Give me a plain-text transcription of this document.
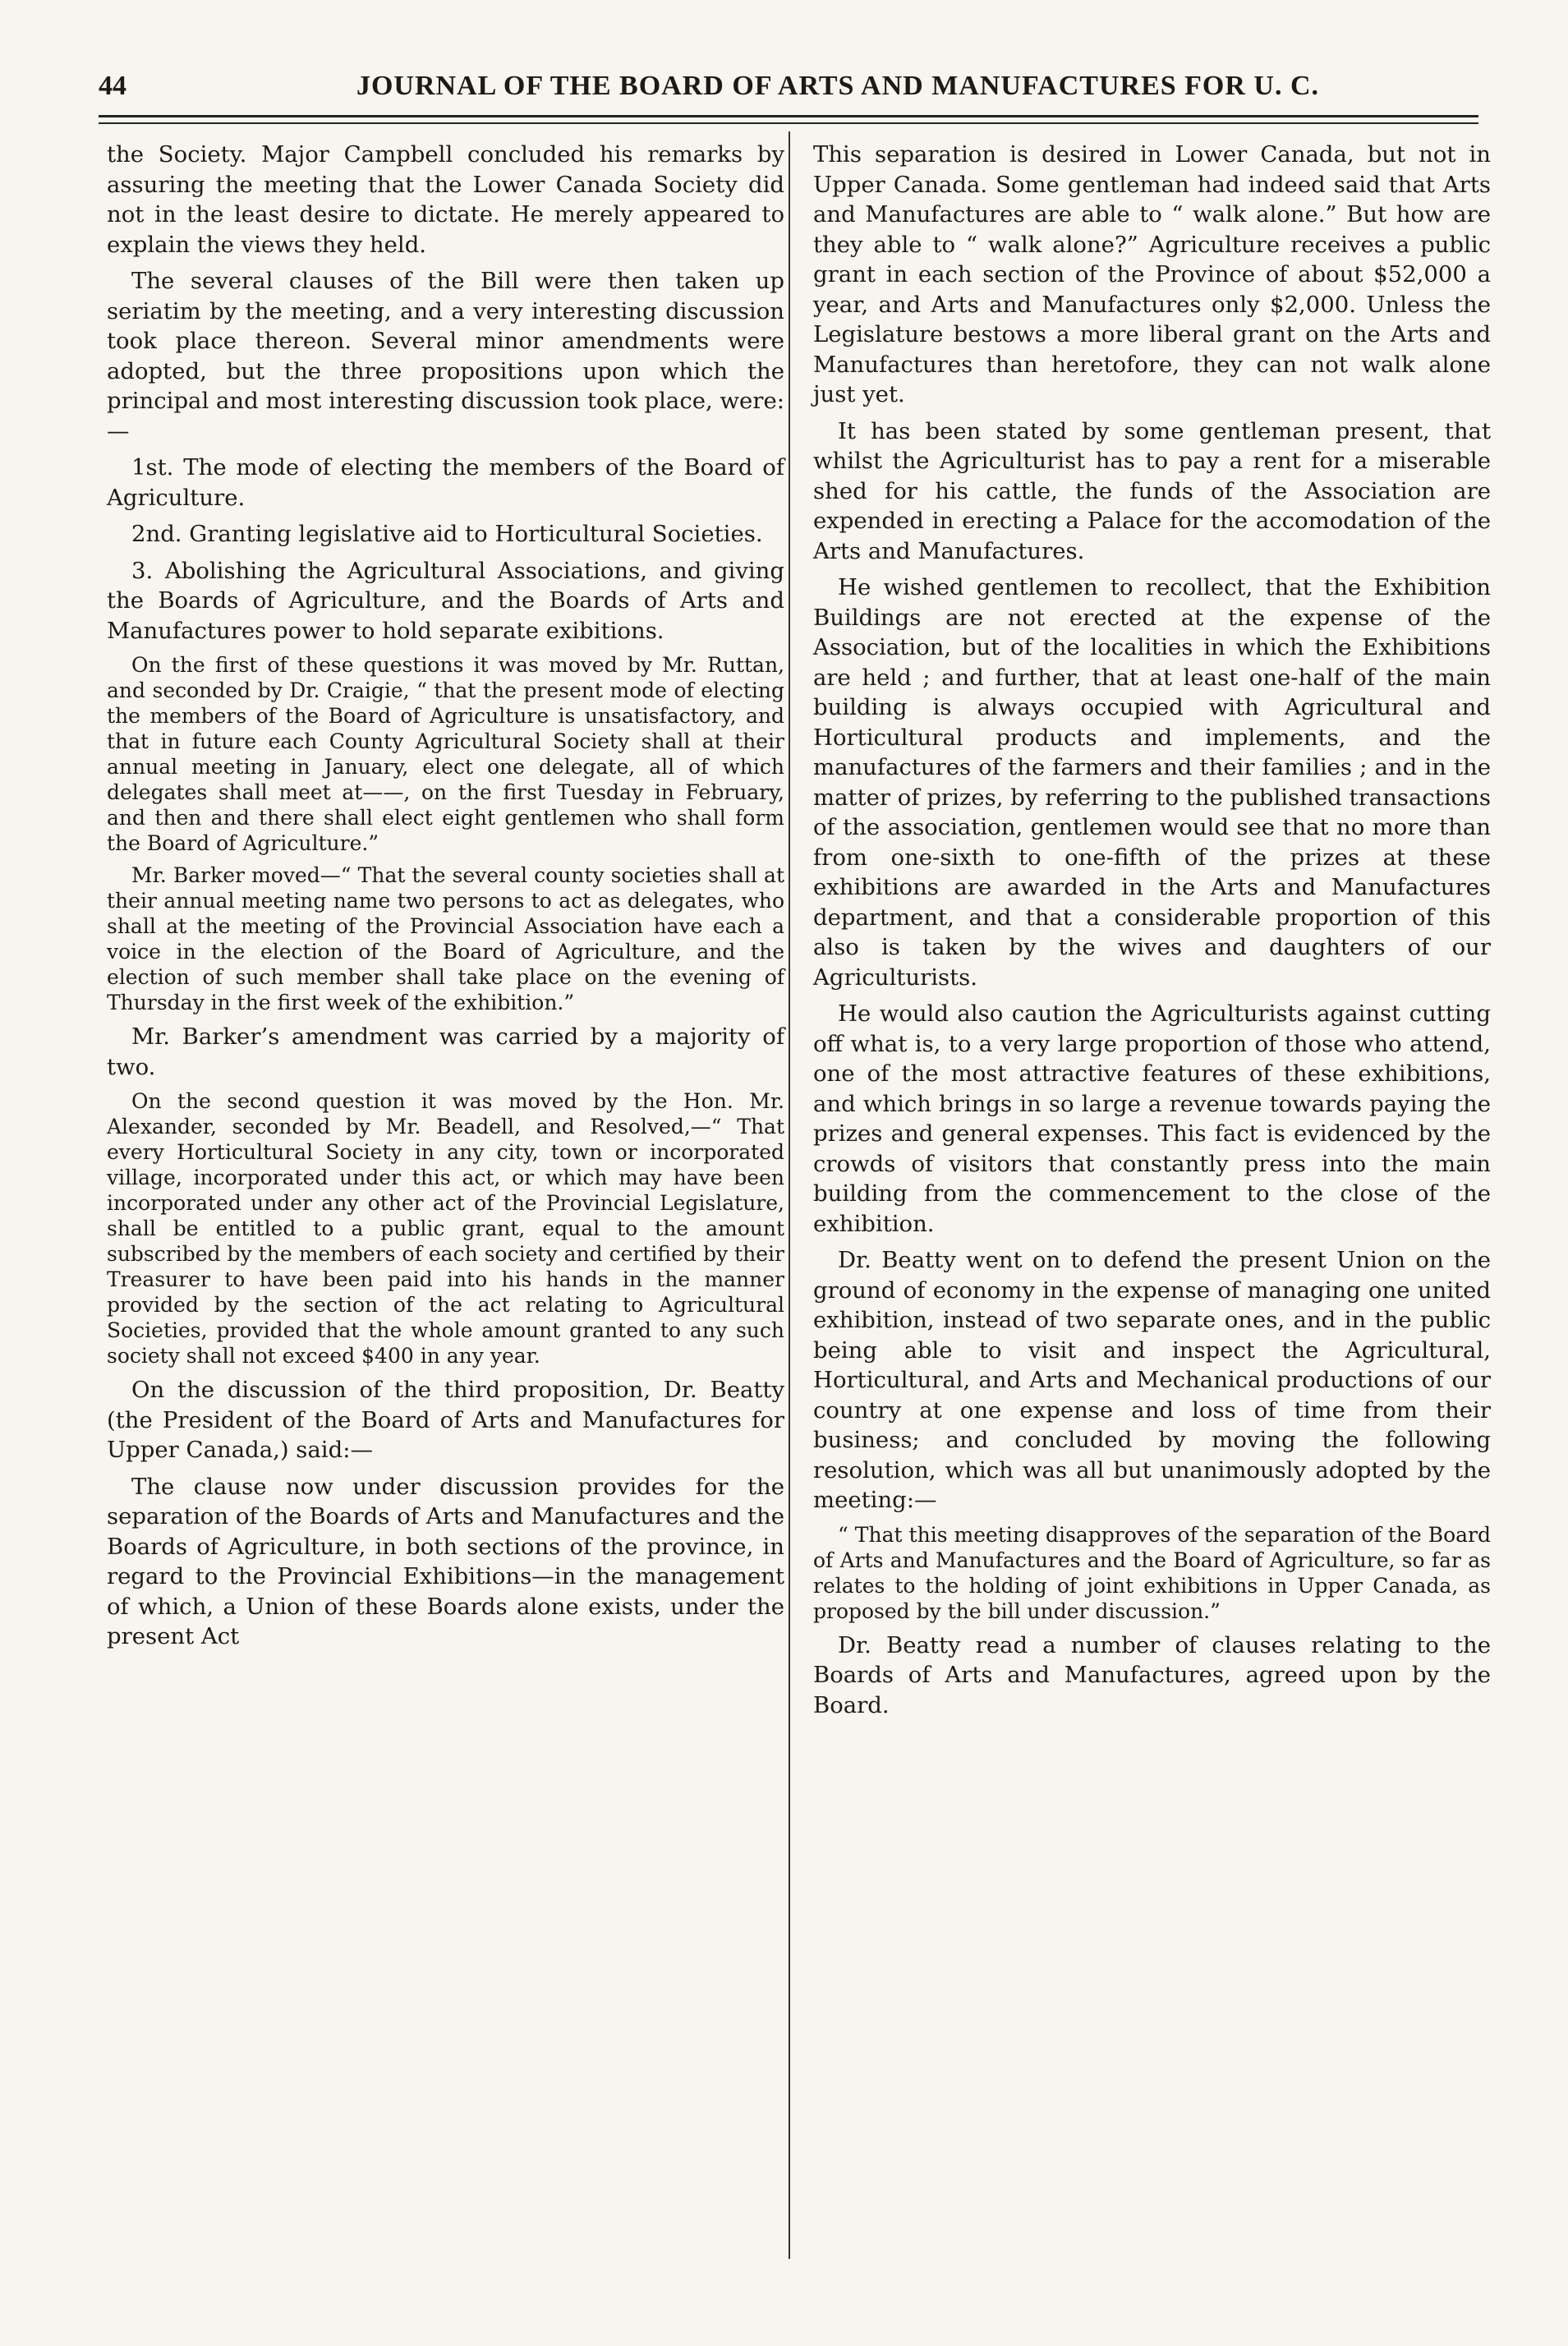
44	JOURNAL OF THE BOARD OF ARTS AND MANUFACTURES FOR U. C.

the Society. Major Campbell concluded his remarks by assuring the meeting that the Lower Canada Society did not in the least desire to dictate. He merely appeared to explain the views they held.

The several clauses of the Bill were then taken up seriatim by the meeting, and a very interesting discussion took place thereon. Several minor amendments were adopted, but the three propositions upon which the principal and most interesting discussion took place, were:—

1st. The mode of electing the members of the Board of Agriculture.

2nd. Granting legislative aid to Horticultural Societies.

3. Abolishing the Agricultural Associations, and giving the Boards of Agriculture, and the Boards of Arts and Manufactures power to hold separate exibitions.

On the first of these questions it was moved by Mr. Ruttan, and seconded by Dr. Craigie, “ that the present mode of electing the members of the Board of Agriculture is unsatisfactory, and that in future each County Agricultural Society shall at their annual meeting in January, elect one delegate, all of which delegates shall meet at——, on the first Tuesday in February, and then and there shall elect eight gentlemen who shall form the Board of Agriculture.”

Mr. Barker moved—“ That the several county societies shall at their annual meeting name two persons to act as delegates, who shall at the meeting of the Provincial Association have each a voice in the election of the Board of Agriculture, and the election of such member shall take place on the evening of Thursday in the first week of the exhibition.”

Mr. Barker’s amendment was carried by a majority of two.

On the second question it was moved by the Hon. Mr. Alexander, seconded by Mr. Beadell, and Resolved,—“ That every Horticultural Society in any city, town or incorporated village, incorporated under this act, or which may have been incorporated under any other act of the Provincial Legislature, shall be entitled to a public grant, equal to the amount subscribed by the members of each society and certified by their Treasurer to have been paid into his hands in the manner provided by the section of the act relating to Agricultural Societies, provided that the whole amount granted to any such society shall not exceed $400 in any year.

On the discussion of the third proposition, Dr. Beatty (the President of the Board of Arts and Manufactures for Upper Canada,) said:—

The clause now under discussion provides for the separation of the Boards of Arts and Manufactures and the Boards of Agriculture, in both sections of the province, in regard to the Provincial Exhibitions—in the management of which, a Union of these Boards alone exists, under the present Act

This separation is desired in Lower Canada, but not in Upper Canada. Some gentleman had indeed said that Arts and Manufactures are able to “ walk alone.” But how are they able to “ walk alone?” Agriculture receives a public grant in each section of the Province of about $52,000 a year, and Arts and Manufactures only $2,000. Unless the Legislature bestows a more liberal grant on the Arts and Manufactures than heretofore, they can not walk alone just yet.

It has been stated by some gentleman present, that whilst the Agriculturist has to pay a rent for a miserable shed for his cattle, the funds of the Association are expended in erecting a Palace for the accomodation of the Arts and Manufactures.

He wished gentlemen to recollect, that the Exhibition Buildings are not erected at the expense of the Association, but of the localities in which the Exhibitions are held ; and further, that at least one-half of the main building is always occupied with Agricultural and Horticultural products and implements, and the manufactures of the farmers and their families ; and in the matter of prizes, by referring to the published transactions of the association, gentlemen would see that no more than from one-sixth to one-fifth of the prizes at these exhibitions are awarded in the Arts and Manufactures department, and that a considerable proportion of this also is taken by the wives and daughters of our Agriculturists.

He would also caution the Agriculturists against cutting off what is, to a very large proportion of those who attend, one of the most attractive features of these exhibitions, and which brings in so large a revenue towards paying the prizes and general expenses. This fact is evidenced by the crowds of visitors that constantly press into the main building from the commencement to the close of the exhibition.

Dr. Beatty went on to defend the present Union on the ground of economy in the expense of managing one united exhibition, instead of two separate ones, and in the public being able to visit and inspect the Agricultural, Horticultural, and Arts and Mechanical productions of our country at one expense and loss of time from their business; and concluded by moving the following resolution, which was all but unanimously adopted by the meeting:—

“ That this meeting disapproves of the separation of the Board of Arts and Manufactures and the Board of Agriculture, so far as relates to the holding of joint exhibitions in Upper Canada, as proposed by the bill under discussion.”

Dr. Beatty read a number of clauses relating to the Boards of Arts and Manufactures, agreed upon by the Board.
